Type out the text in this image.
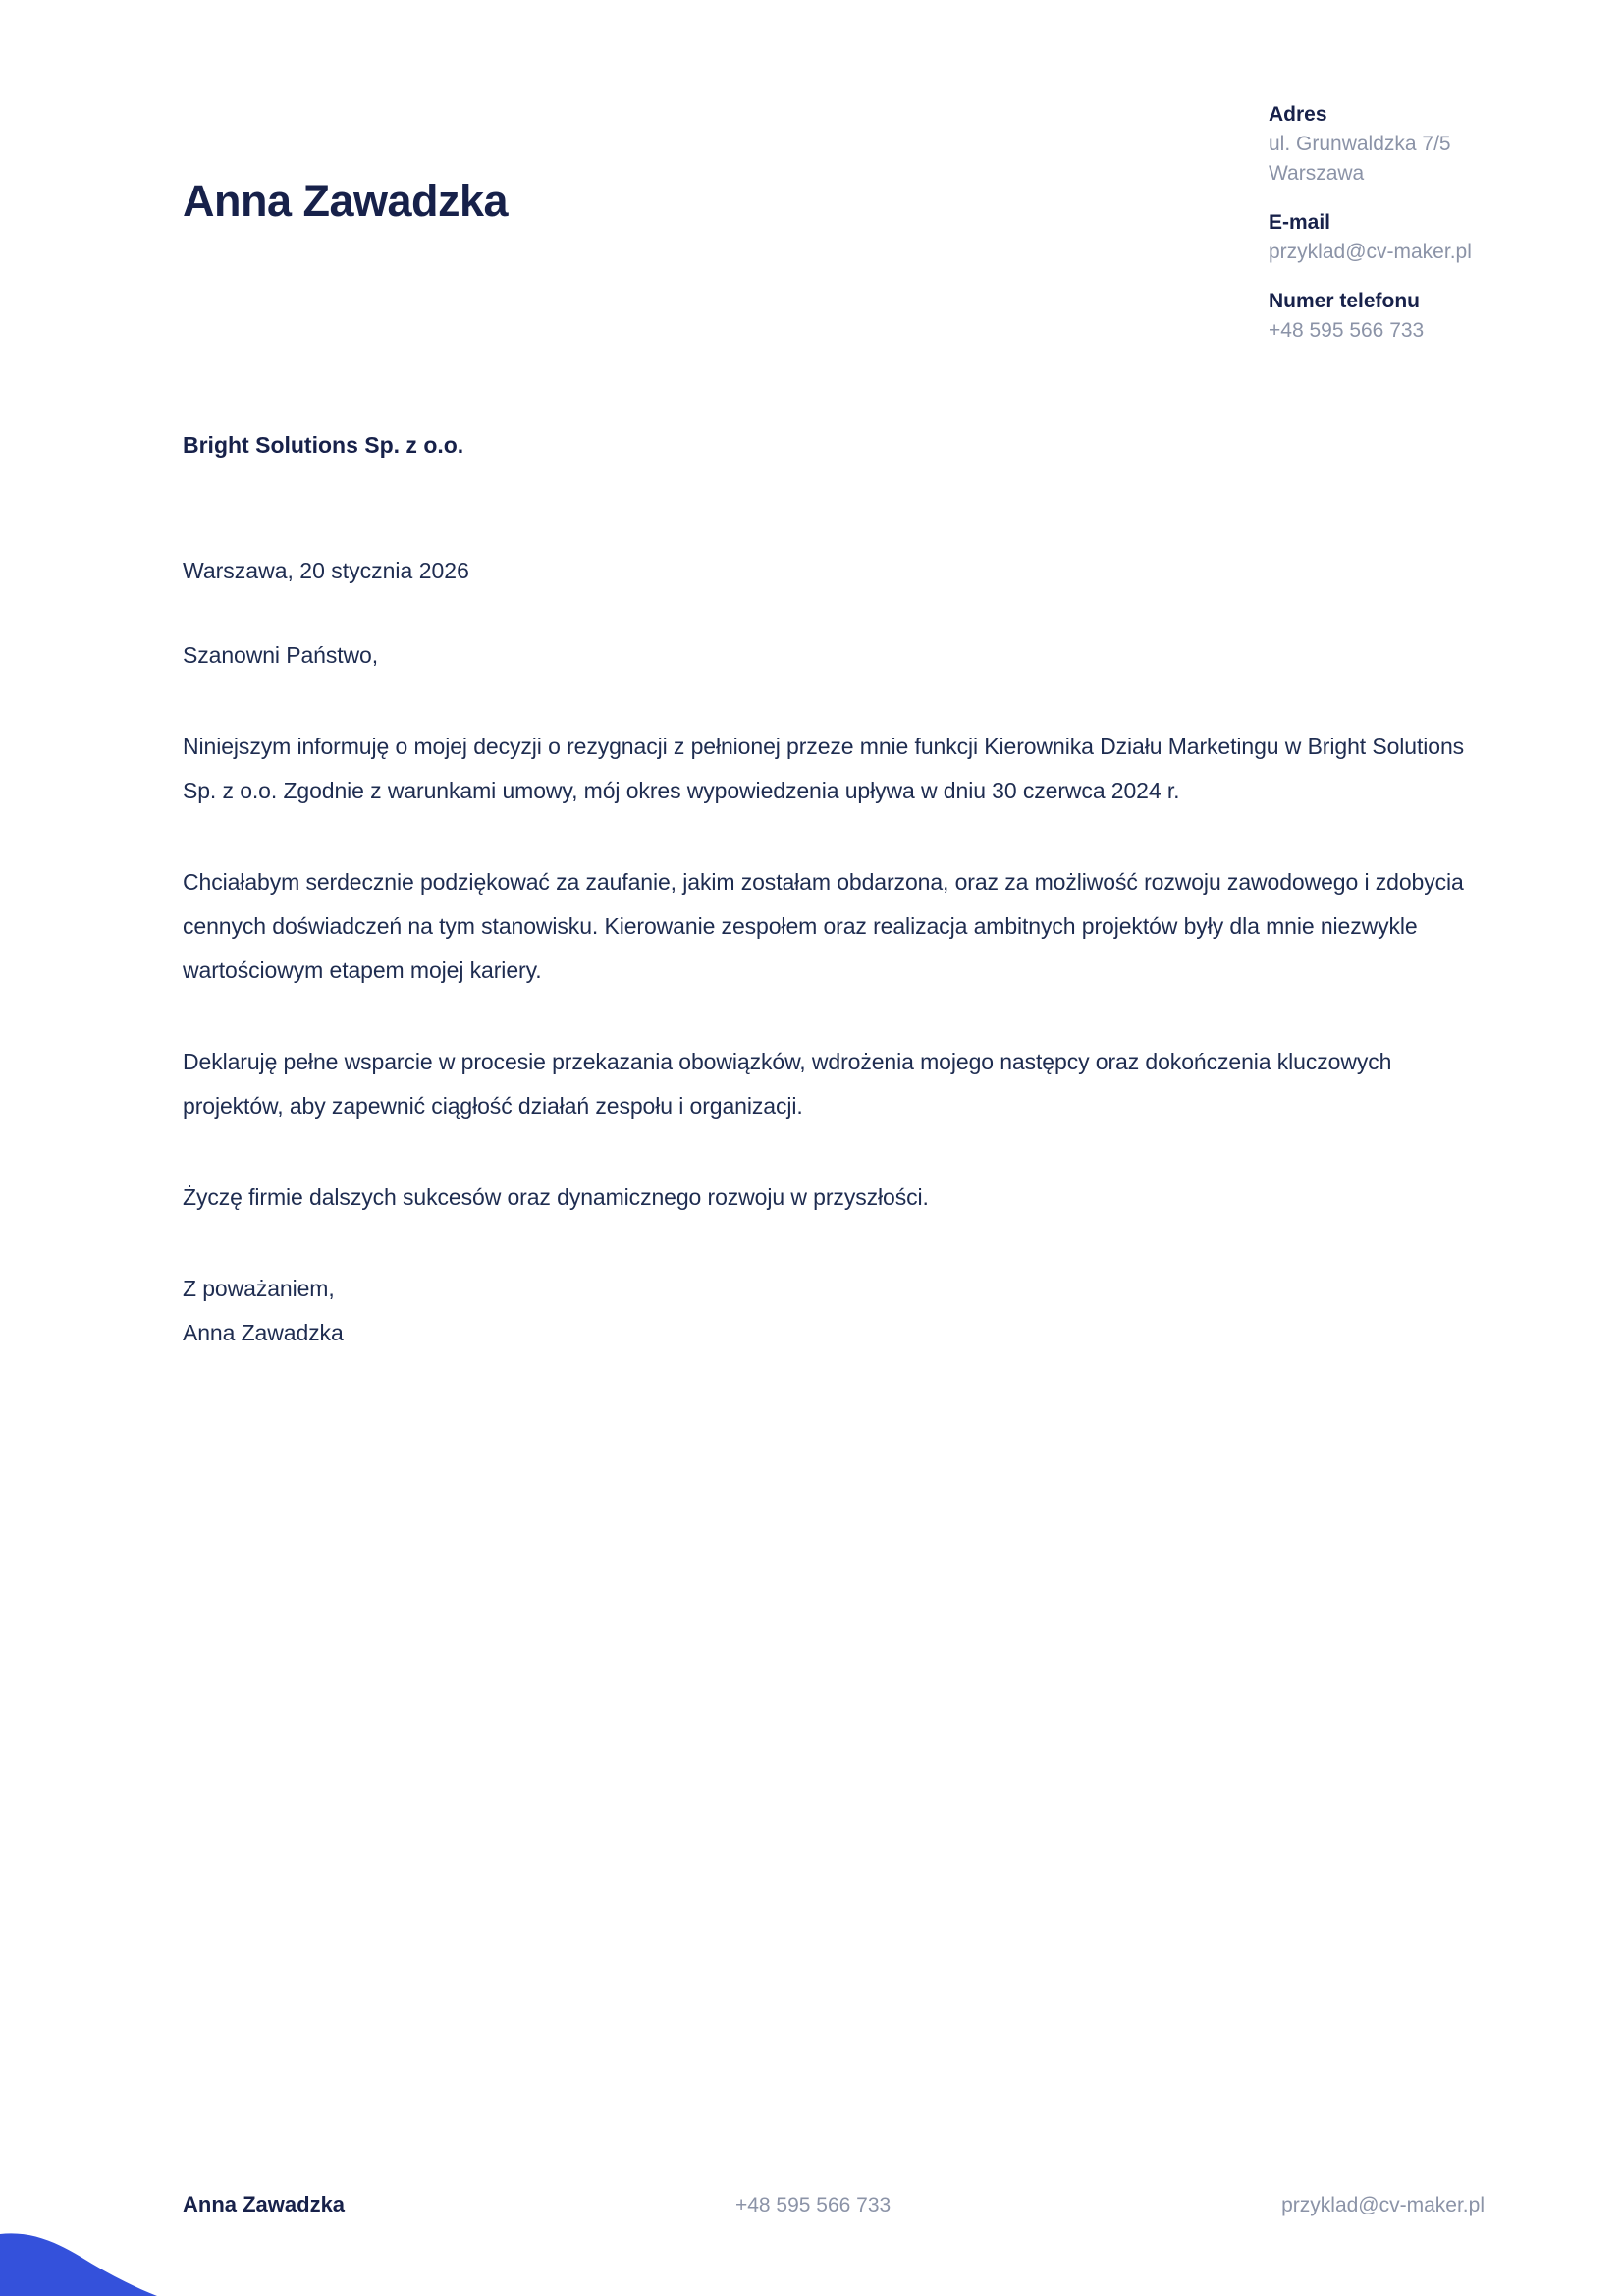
Anna Zawadzka
Adres
ul. Grunwaldzka 7/5
Warszawa
E-mail
przyklad@cv-maker.pl
Numer telefonu
+48 595 566 733
Bright Solutions Sp. z o.o.
Warszawa, 20 stycznia 2026

Szanowni Państwo,

Niniejszym informuję o mojej decyzji o rezygnacji z pełnionej przeze mnie funkcji Kierownika Działu Marketingu w Bright Solutions Sp. z o.o. Zgodnie z warunkami umowy, mój okres wypowiedzenia upływa w dniu 30 czerwca 2024 r.

Chciałabym serdecznie podziękować za zaufanie, jakim zostałam obdarzona, oraz za możliwość rozwoju zawodowego i zdobycia cennych doświadczeń na tym stanowisku. Kierowanie zespołem oraz realizacja ambitnych projektów były dla mnie niezwykle wartościowym etapem mojej kariery.

Deklaruję pełne wsparcie w procesie przekazania obowiązków, wdrożenia mojego następcy oraz dokończenia kluczowych projektów, aby zapewnić ciągłość działań zespołu i organizacji.

Życzę firmie dalszych sukcesów oraz dynamicznego rozwoju w przyszłości.

Z poważaniem,

Anna Zawadzka

Anna Zawadzka	+48 595 566 733	przyklad@cv-maker.pl
